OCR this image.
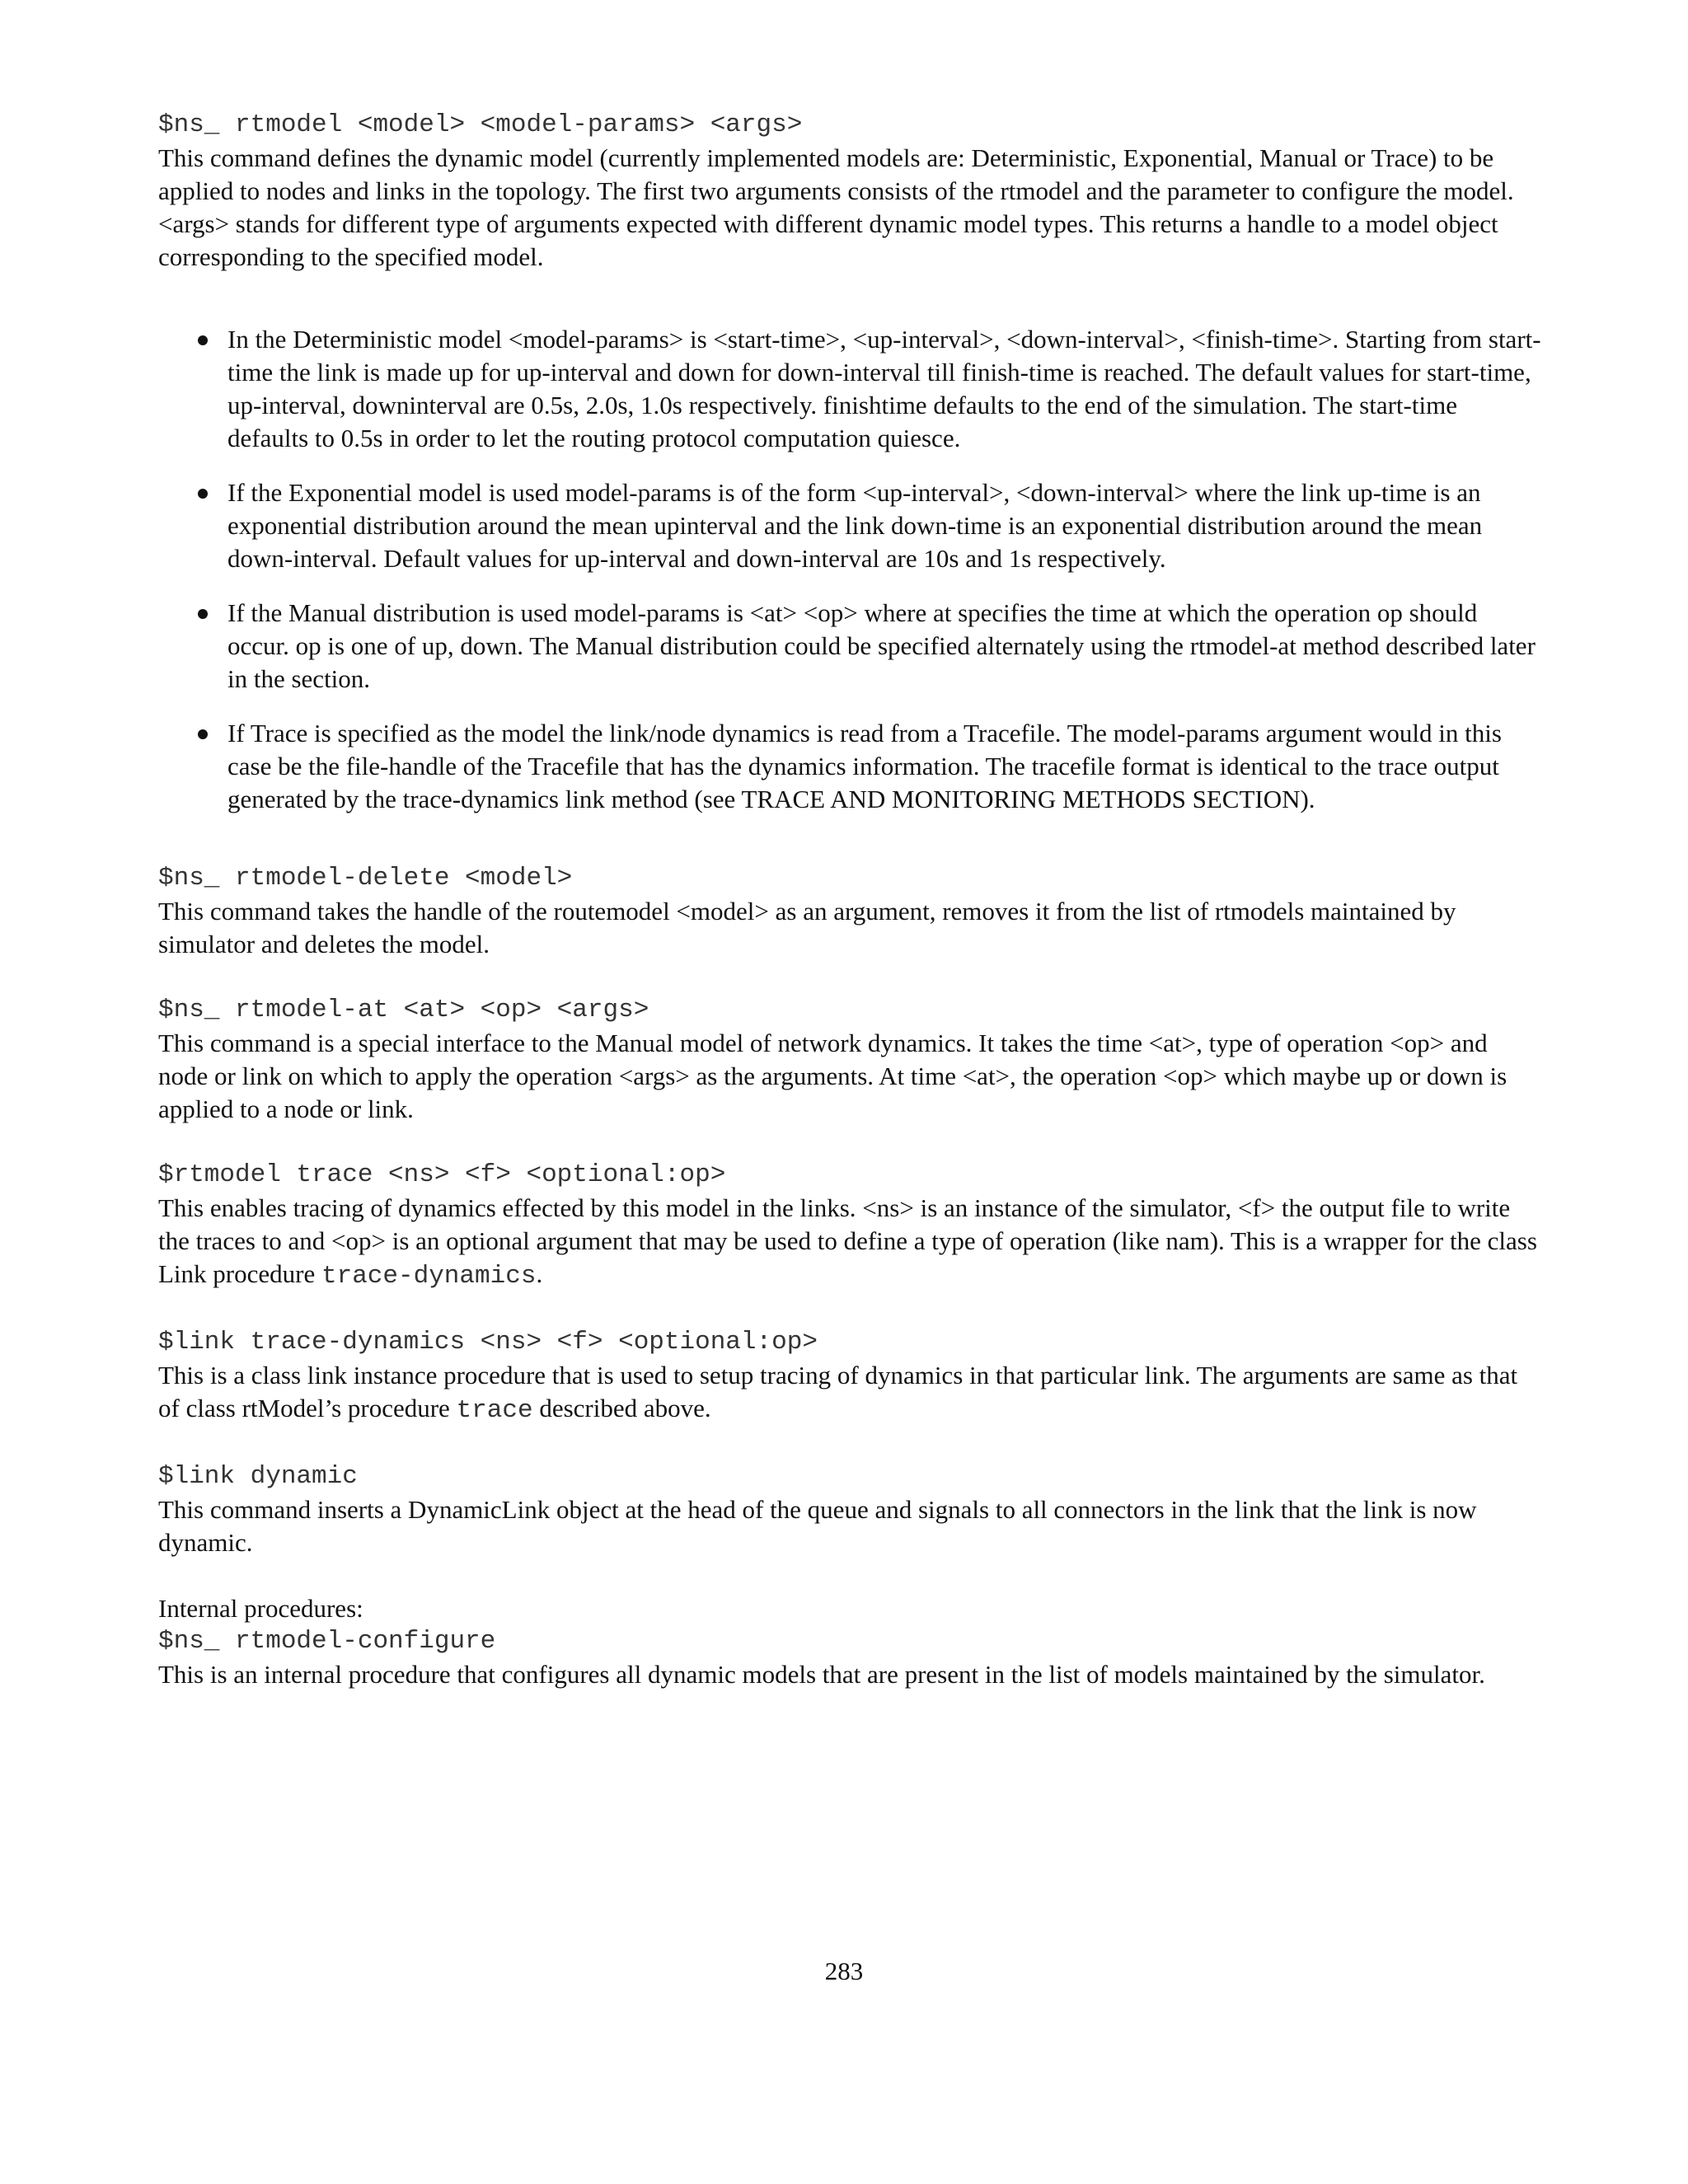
$ns_ rtmodel <model> <model-params> <args>

This command defines the dynamic model (currently implemented models are: Deterministic, Exponential, Manual or Trace) to be applied to nodes and links in the topology. The first two arguments consists of the rtmodel and the parameter to configure the model. <args> stands for different type of arguments expected with different dynamic model types. This returns a handle to a model object corresponding to the specified model.

In the Deterministic model <model-params> is <start-time>, <up-interval>, <down-interval>, <finish-time>. Starting from start-time the link is made up for up-interval and down for down-interval till finish-time is reached. The default values for start-time, up-interval, downinterval are 0.5s, 2.0s, 1.0s respectively. finishtime defaults to the end of the simulation. The start-time defaults to 0.5s in order to let the routing protocol computation quiesce.
If the Exponential model is used model-params is of the form <up-interval>, <down-interval> where the link up-time is an exponential distribution around the mean upinterval and the link down-time is an exponential distribution around the mean down-interval. Default values for up-interval and down-interval are 10s and 1s respectively.
If the Manual distribution is used model-params is <at> <op> where at specifies the time at which the operation op should occur. op is one of up, down. The Manual distribution could be specified alternately using the rtmodel-at method described later in the section.
If Trace is specified as the model the link/node dynamics is read from a Tracefile. The model-params argument would in this case be the file-handle of the Tracefile that has the dynamics information. The tracefile format is identical to the trace output generated by the trace-dynamics link method (see TRACE AND MONITORING METHODS SECTION).
$ns_ rtmodel-delete <model>

This command takes the handle of the routemodel <model> as an argument, removes it from the list of rtmodels maintained by simulator and deletes the model.

$ns_ rtmodel-at <at> <op> <args>

This command is a special interface to the Manual model of network dynamics. It takes the time <at>, type of operation <op> and node or link on which to apply the operation <args> as the arguments. At time <at>, the operation <op> which maybe up or down is applied to a node or link.

$rtmodel trace <ns> <f> <optional:op>

This enables tracing of dynamics effected by this model in the links. <ns> is an instance of the simulator, <f> the output file to write the traces to and <op> is an optional argument that may be used to define a type of operation (like nam). This is a wrapper for the class Link procedure trace-dynamics.

$link trace-dynamics <ns> <f> <optional:op>

This is a class link instance procedure that is used to setup tracing of dynamics in that particular link. The arguments are same as that of class rtModel’s procedure trace described above.

$link dynamic

This command inserts a DynamicLink object at the head of the queue and signals to all connectors in the link that the link is now dynamic.

Internal procedures:

$ns_ rtmodel-configure

This is an internal procedure that configures all dynamic models that are present in the list of models maintained by the simulator.

283
